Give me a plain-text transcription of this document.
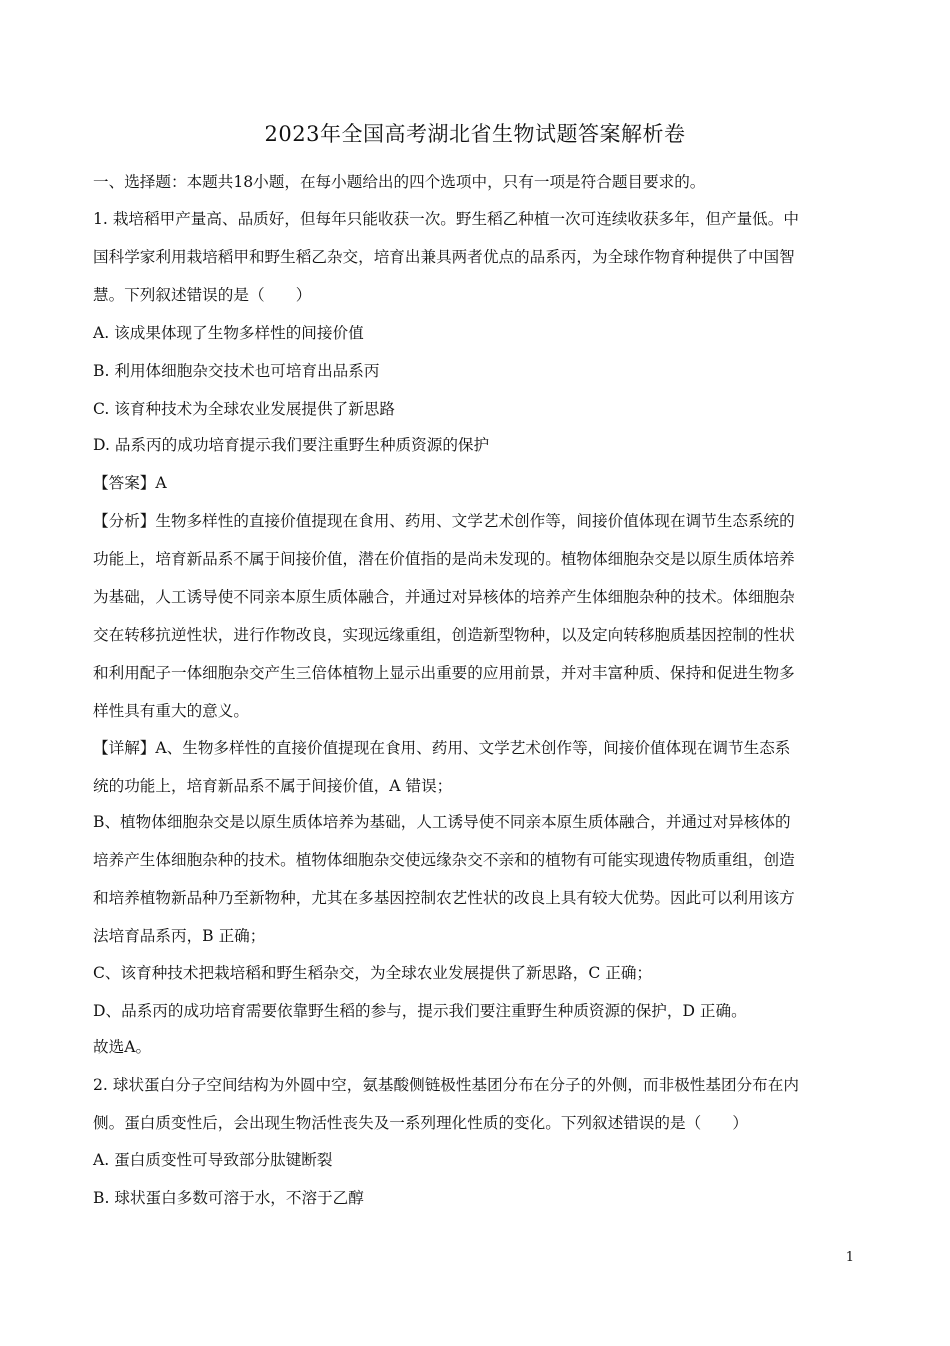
2023年全国高考湖北省生物试题答案解析卷
一、选择题：本题共18小题，在每小题给出的四个选项中，只有一项是符合题目要求的。
1. 栽培稻甲产量高、品质好，但每年只能收获一次。野生稻乙种植一次可连续收获多年，但产量低。中
国科学家利用栽培稻甲和野生稻乙杂交，培育出兼具两者优点的品系丙，为全球作物育种提供了中国智
慧。下列叙述错误的是（　　）
A. 该成果体现了生物多样性的间接价值
B. 利用体细胞杂交技术也可培育出品系丙
C. 该育种技术为全球农业发展提供了新思路
D. 品系丙的成功培育提示我们要注重野生种质资源的保护
【答案】A
【分析】生物多样性的直接价值提现在食用、药用、文学艺术创作等，间接价值体现在调节生态系统的
功能上，培育新品系不属于间接价值，潜在价值指的是尚未发现的。植物体细胞杂交是以原生质体培养
为基础，人工诱导使不同亲本原生质体融合，并通过对异核体的培养产生体细胞杂种的技术。体细胞杂
交在转移抗逆性状，进行作物改良，实现远缘重组，创造新型物种，以及定向转移胞质基因控制的性状
和利用配子一体细胞杂交产生三倍体植物上显示出重要的应用前景，并对丰富种质、保持和促进生物多
样性具有重大的意义。
【详解】A、生物多样性的直接价值提现在食用、药用、文学艺术创作等，间接价值体现在调节生态系
统的功能上，培育新品系不属于间接价值，A 错误；
B、植物体细胞杂交是以原生质体培养为基础，人工诱导使不同亲本原生质体融合，并通过对异核体的
培养产生体细胞杂种的技术。植物体细胞杂交使远缘杂交不亲和的植物有可能实现遗传物质重组，创造
和培养植物新品种乃至新物种，尤其在多基因控制农艺性状的改良上具有较大优势。因此可以利用该方
法培育品系丙，B 正确；
C、该育种技术把栽培稻和野生稻杂交，为全球农业发展提供了新思路，C 正确；
D、品系丙的成功培育需要依靠野生稻的参与，提示我们要注重野生种质资源的保护，D 正确。
故选A。
2. 球状蛋白分子空间结构为外圆中空，氨基酸侧链极性基团分布在分子的外侧，而非极性基团分布在内
侧。蛋白质变性后，会出现生物活性丧失及一系列理化性质的变化。下列叙述错误的是（　　）
A. 蛋白质变性可导致部分肽键断裂
B. 球状蛋白多数可溶于水，不溶于乙醇
1
